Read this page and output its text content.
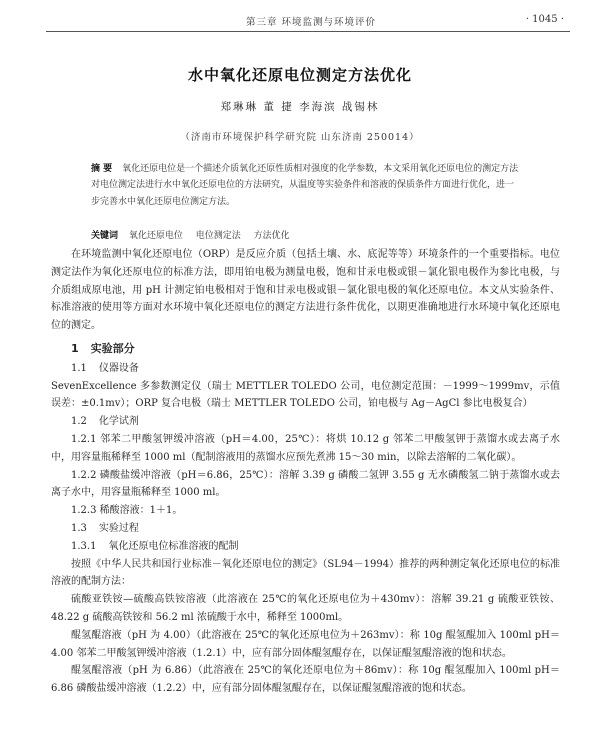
第三章 环境监测与环境评价	· 1045 ·
水中氧化还原电位测定方法优化
郑琳琳 董 捷 李海滨 战锡林
（济南市环境保护科学研究院 山东济南 250014）
摘 要 氧化还原电位是一个描述介质氧化还原性质相对强度的化学参数，本文采用氧化还原电位的测定方法对电位测定法进行水中氧化还原电位的方法研究，从温度等实验条件和溶液的保质条件方面进行优化，进一步完善水中氧化还原电位测定方法。
关键词 氧化还原电位 电位测定法 方法优化

在环境监测中氧化还原电位（ORP）是反应介质（包括土壤、水、底泥等等）环境条件的一个重要指标。电位测定法作为氧化还原电位的标准方法，即用铂电极为测量电极，饱和甘汞电极或银－氯化银电极作为参比电极，与介质组成原电池，用 pH 计测定铂电极相对于饱和甘汞电极或银－氯化银电极的氧化还原电位。本文从实验条件、标准溶液的使用等方面对水环境中氧化还原电位的测定方法进行条件优化，以期更准确地进行水环境中氧化还原电位的测定。

1 实验部分
1.1 仪器设备

SevenExcellence 多参数测定仪（瑞士 METTLER TOLEDO 公司，电位测定范围：－1999～1999mv，示值误差：±0.1mv）；ORP 复合电极（瑞士 METTLER TOLEDO 公司，铂电极与 Ag－AgCl 参比电极复合）

1.2 化学试剂

1.2.1 邻苯二甲酸氢钾缓冲溶液（pH＝4.00，25℃）：将烘 10.12 g 邻苯二甲酸氢钾于蒸馏水或去离子水中，用容量瓶稀释至 1000 ml（配制溶液用的蒸馏水应预先煮沸 15～30 min，以除去溶解的二氧化碳）。

1.2.2 磷酸盐缓冲溶液（pH＝6.86，25℃）：溶解 3.39 g 磷酸二氢钾 3.55 g 无水磷酸氢二钠于蒸馏水或去离子水中，用容量瓶稀释至 1000 ml。

1.2.3 稀酸溶液：1＋1。

1.3 实验过程
1.3.1 氧化还原电位标准溶液的配制

按照《中华人民共和国行业标准－氧化还原电位的测定》（SL94－1994）推荐的两种测定氧化还原电位的标准溶液的配制方法：

硫酸亚铁铵—硫酸高铁铵溶液（此溶液在 25℃的氧化还原电位为＋430mv）：溶解 39.21 g 硫酸亚铁铵、48.22 g 硫酸高铁铵和 56.2 ml 浓硫酸于水中，稀释至 1000ml。

醌氢醌溶液（pH 为 4.00）（此溶液在 25℃的氧化还原电位为＋263mv）：称 10g 醌氢醌加入 100ml pH＝4.00 邻苯二甲酸氢钾缓冲溶液（1.2.1）中，应有部分固体醌氢醌存在，以保证醌氢醌溶液的饱和状态。

醌氢醌溶液（pH 为 6.86）（此溶液在 25℃的氧化还原电位为＋86mv）：称 10g 醌氢醌加入 100ml pH＝6.86 磷酸盐缓冲溶液（1.2.2）中，应有部分固体醌氢醌存在，以保证醌氢醌溶液的饱和状态。
